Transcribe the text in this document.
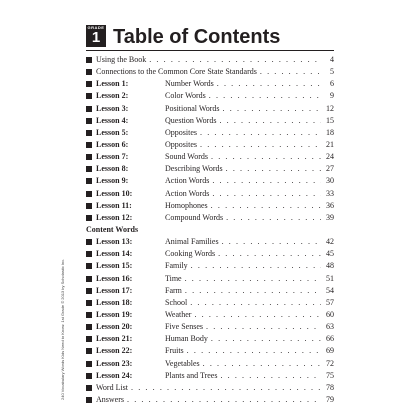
GRADE
1 Table of Contents
240 Vocabulary Words Kids Need to Know: 1st Grade © 2013 by Scholastic Inc.
Using the Book . . .	4
Connections to the Common Core State Standards . . .	5
Lesson 1:	Number Words . . .	6
Lesson 2:	Color Words . . .	9
Lesson 3:	Positional Words . . .	12
Lesson 4:	Question Words . . .	15
Lesson 5:	Opposites . . .	18
Lesson 6:	Opposites . . .	21
Lesson 7:	Sound Words . . .	24
Lesson 8:	Describing Words . . .	27
Lesson 9:	Action Words . . .	30
Lesson 10:	Action Words . . .	33
Lesson 11:	Homophones . . .	36
Lesson 12:	Compound Words . . .	39
Content Words
Lesson 13:	Animal Families . . .	42
Lesson 14:	Cooking Words . . .	45
Lesson 15:	Family . . .	48
Lesson 16:	Time . . .	51
Lesson 17:	Farm . . .	54
Lesson 18:	School . . .	57
Lesson 19:	Weather . . .	60
Lesson 20:	Five Senses . . .	63
Lesson 21:	Human Body . . .	66
Lesson 22:	Fruits . . .	69
Lesson 23:	Vegetables . . .	72
Lesson 24:	Plants and Trees . . .	75
Word List . . .	78
Answers . . .	79
